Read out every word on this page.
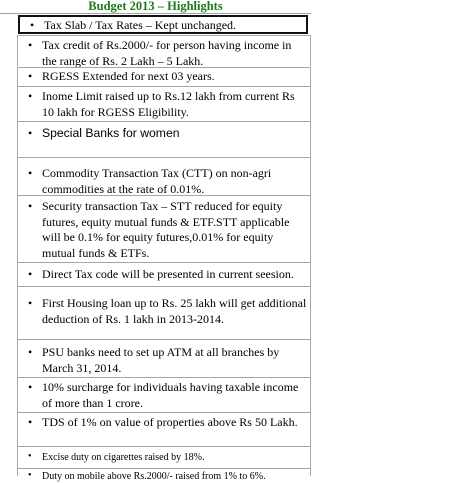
Budget 2013 – Highlights
• Tax Slab / Tax Rates – Kept unchanged.
• Tax credit of Rs.2000/- for person having income in the range of Rs. 2 Lakh – 5 Lakh.
• RGESS Extended for next 03 years.
• Inome Limit raised up to Rs.12 lakh from current Rs 10 lakh for RGESS Eligibility.
• Special Banks for women
• Commodity Transaction Tax (CTT) on non-agri commodities at the rate of 0.01%.
• Security transaction Tax – STT reduced for equity futures, equity mutual funds & ETF.STT applicable will be 0.1% for equity futures,0.01% for equity mutual funds & ETFs.
• Direct Tax code will be presented in current seesion.
• First Housing loan up to Rs. 25 lakh will get additional deduction of Rs. 1 lakh in 2013-2014.
• PSU banks need to set up ATM at all branches by March 31, 2014.
• 10% surcharge for individuals having taxable income of more than 1 crore.
• TDS of 1% on value of properties above Rs 50 Lakh.
• Excise duty on cigarettes raised by 18%.
• Duty on mobile above Rs.2000/- raised from 1% to 6%.
